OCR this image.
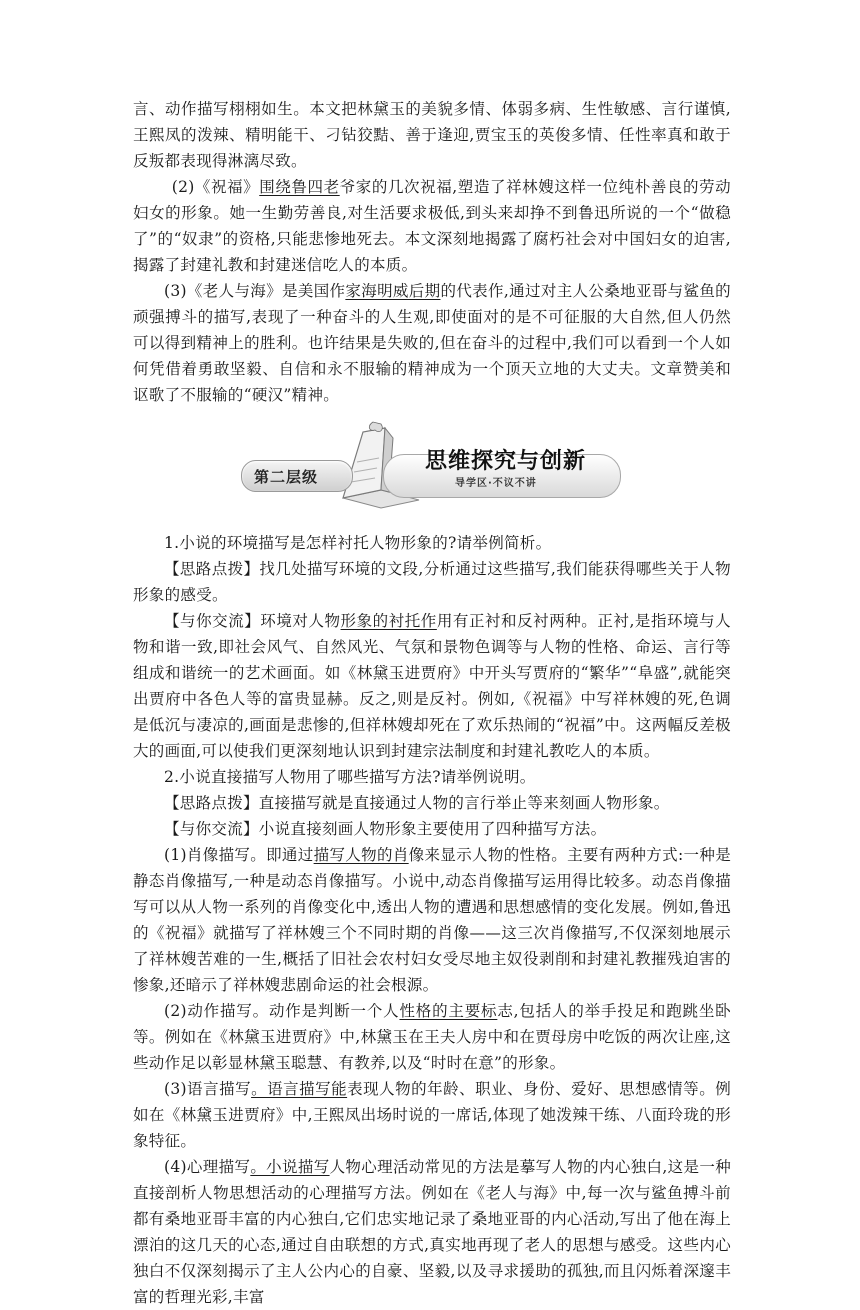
言、动作描写栩栩如生。本文把林黛玉的美貌多情、体弱多病、生性敏感、言行谨慎,王熙凤的泼辣、精明能干、刁钻狡黠、善于逢迎,贾宝玉的英俊多情、任性率真和敢于反叛都表现得淋漓尽致。

(2)《祝福》围绕鲁四老爷家的几次祝福,塑造了祥林嫂这样一位纯朴善良的劳动妇女的形象。她一生勤劳善良,对生活要求极低,到头来却挣不到鲁迅所说的一个“做稳了”的“奴隶”的资格,只能悲惨地死去。本文深刻地揭露了腐朽社会对中国妇女的迫害,揭露了封建礼教和封建迷信吃人的本质。

(3)《老人与海》是美国作家海明威后期的代表作,通过对主人公桑地亚哥与鲨鱼的顽强搏斗的描写,表现了一种奋斗的人生观,即使面对的是不可征服的大自然,但人仍然可以得到精神上的胜利。也许结果是失败的,但在奋斗的过程中,我们可以看到一个人如何凭借着勇敢坚毅、自信和永不服输的精神成为一个顶天立地的大丈夫。文章赞美和讴歌了不服输的“硬汉”精神。

第二层级
思维探究与创新
导学区·不议不讲

1.小说的环境描写是怎样衬托人物形象的?请举例简析。

【思路点拨】找几处描写环境的文段,分析通过这些描写,我们能获得哪些关于人物形象的感受。

【与你交流】环境对人物形象的衬托作用有正衬和反衬两种。正衬,是指环境与人物和谐一致,即社会风气、自然风光、气氛和景物色调等与人物的性格、命运、言行等组成和谐统一的艺术画面。如《林黛玉进贾府》中开头写贾府的“繁华”“阜盛”,就能突出贾府中各色人等的富贵显赫。反之,则是反衬。例如,《祝福》中写祥林嫂的死,色调是低沉与凄凉的,画面是悲惨的,但祥林嫂却死在了欢乐热闹的“祝福”中。这两幅反差极大的画面,可以使我们更深刻地认识到封建宗法制度和封建礼教吃人的本质。

2.小说直接描写人物用了哪些描写方法?请举例说明。

【思路点拨】直接描写就是直接通过人物的言行举止等来刻画人物形象。

【与你交流】小说直接刻画人物形象主要使用了四种描写方法。

(1)肖像描写。即通过描写人物的肖像来显示人物的性格。主要有两种方式:一种是静态肖像描写,一种是动态肖像描写。小说中,动态肖像描写运用得比较多。动态肖像描写可以从人物一系列的肖像变化中,透出人物的遭遇和思想感情的变化发展。例如,鲁迅的《祝福》就描写了祥林嫂三个不同时期的肖像——这三次肖像描写,不仅深刻地展示了祥林嫂苦难的一生,概括了旧社会农村妇女受尽地主奴役剥削和封建礼教摧残迫害的惨象,还暗示了祥林嫂悲剧命运的社会根源。

(2)动作描写。动作是判断一个人性格的主要标志,包括人的举手投足和跑跳坐卧等。例如在《林黛玉进贾府》中,林黛玉在王夫人房中和在贾母房中吃饭的两次让座,这些动作足以彰显林黛玉聪慧、有教养,以及“时时在意”的形象。

(3)语言描写。语言描写能表现人物的年龄、职业、身份、爱好、思想感情等。例如在《林黛玉进贾府》中,王熙凤出场时说的一席话,体现了她泼辣干练、八面玲珑的形象特征。

(4)心理描写。小说描写人物心理活动常见的方法是摹写人物的内心独白,这是一种直接剖析人物思想活动的心理描写方法。例如在《老人与海》中,每一次与鲨鱼搏斗前都有桑地亚哥丰富的内心独白,它们忠实地记录了桑地亚哥的内心活动,写出了他在海上漂泊的这几天的心态,通过自由联想的方式,真实地再现了老人的思想与感受。这些内心独白不仅深刻揭示了主人公内心的自豪、坚毅,以及寻求援助的孤独,而且闪烁着深邃丰富的哲理光彩,丰富
